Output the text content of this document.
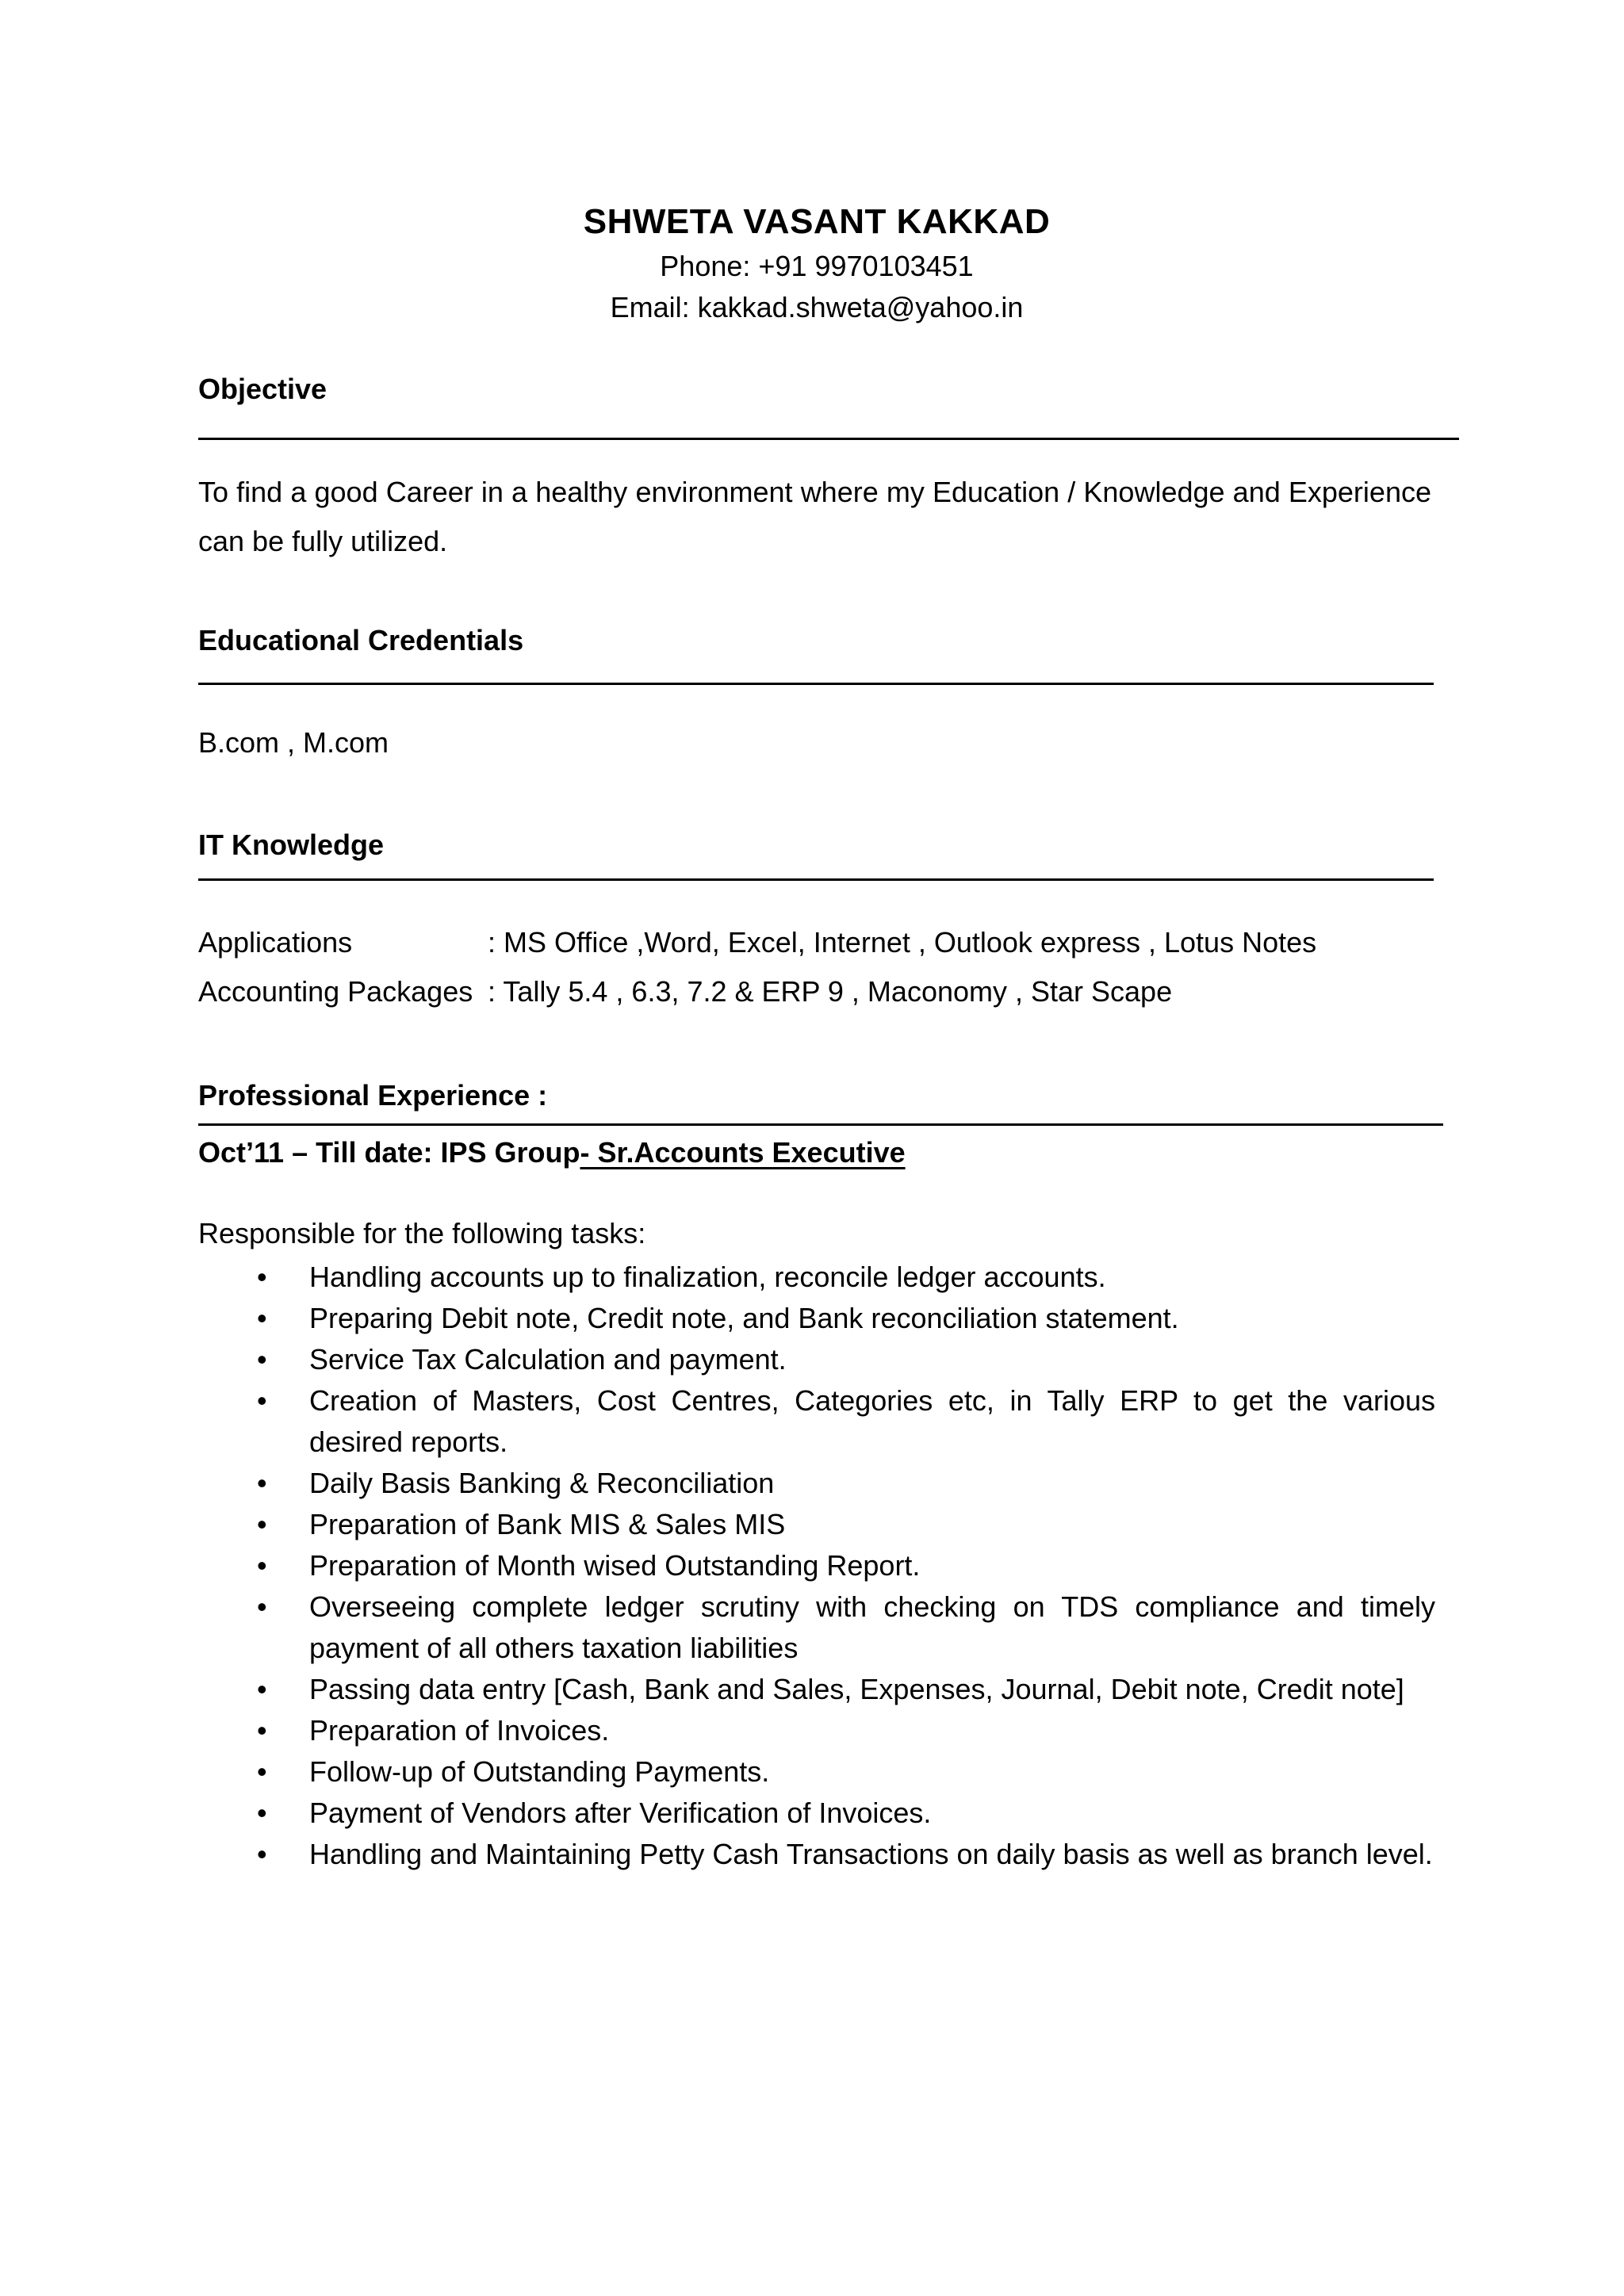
SHWETA VASANT KAKKAD

Phone: +91 9970103451

Email: kakkad.shweta@yahoo.in

Objective

To find a good Career in a healthy environment where my Education / Knowledge and Experience can be fully utilized.

Educational Credentials

B.com , M.com

IT Knowledge

Applications	: MS Office ,Word, Excel, Internet , Outlook express , Lotus Notes
Accounting Packages : Tally 5.4 , 6.3, 7.2 & ERP 9 , Maconomy , Star Scape

Professional Experience :

Oct’11 – Till date: IPS Group- Sr.Accounts Executive

Responsible for the following tasks:

• Handling accounts up to finalization, reconcile ledger accounts.
• Preparing Debit note, Credit note, and Bank reconciliation statement.
• Service Tax Calculation and payment.
• Creation of Masters, Cost Centres, Categories etc, in Tally ERP to get the various desired reports.
• Daily Basis Banking & Reconciliation
• Preparation of Bank MIS & Sales MIS
• Preparation of Month wised Outstanding Report.
• Overseeing complete ledger scrutiny with checking on TDS compliance and timely payment of all others taxation liabilities
• Passing data entry [Cash, Bank and Sales, Expenses, Journal, Debit note, Credit note]
• Preparation of Invoices.
• Follow-up of Outstanding Payments.
• Payment of Vendors after Verification of Invoices.
• Handling and Maintaining Petty Cash Transactions on daily basis as well as branch level.
